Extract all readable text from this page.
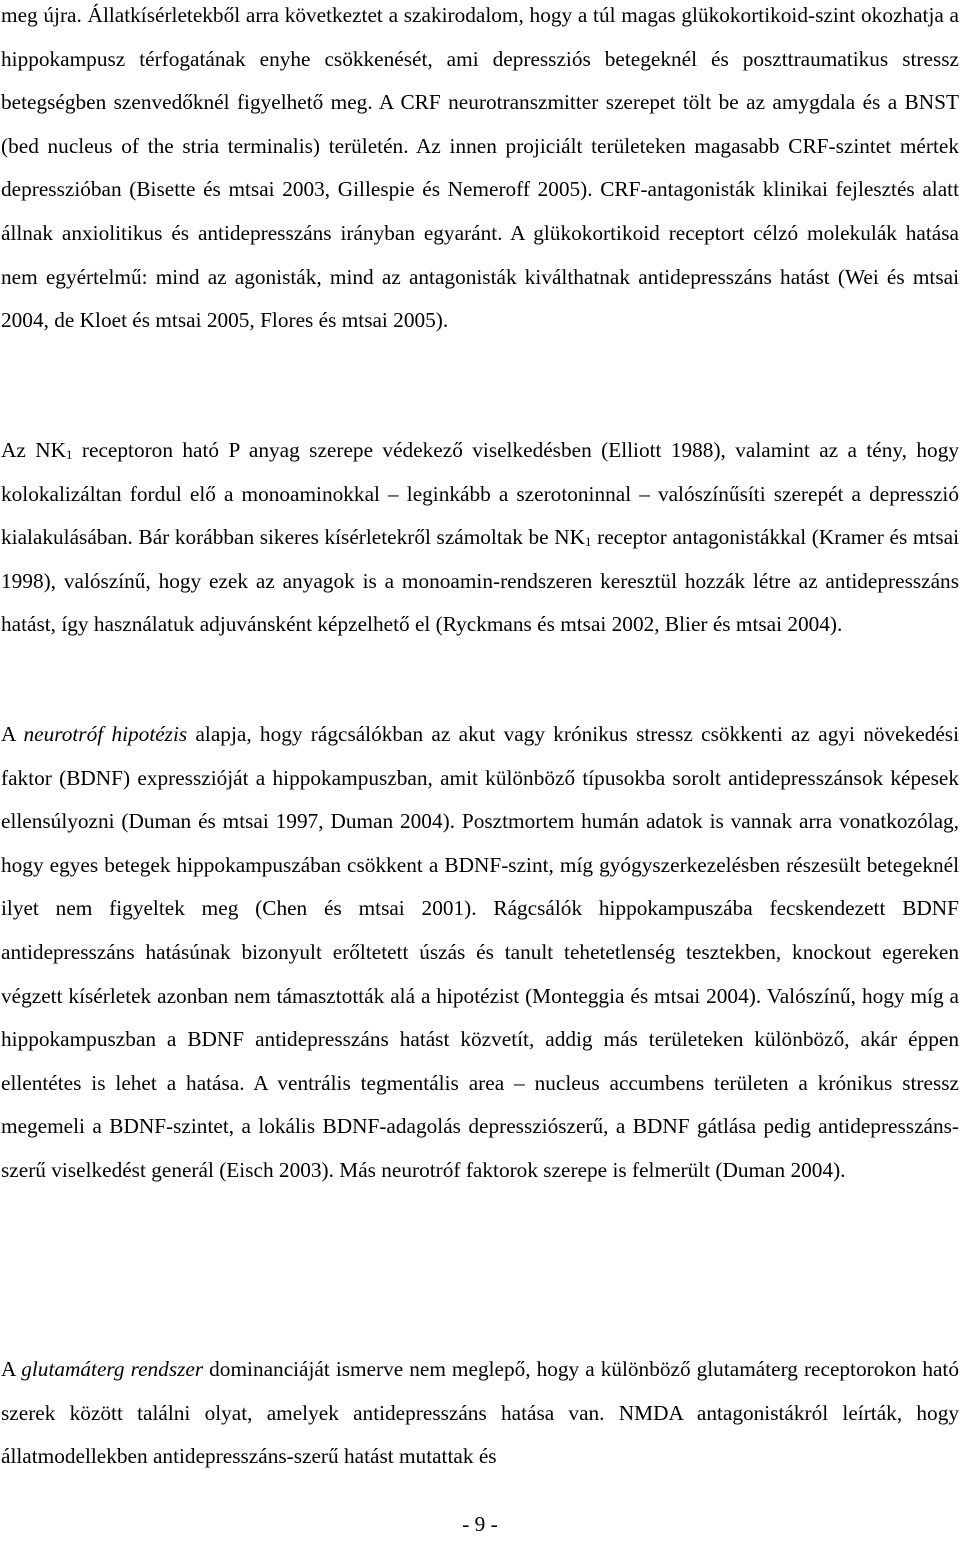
meg újra. Állatkísérletekből arra következtet a szakirodalom, hogy a túl magas glükokortikoid-szint okozhatja a hippokampusz térfogatának enyhe csökkenését, ami depressziós betegeknél és poszttraumatikus stressz betegségben szenvedőknél figyelhető meg. A CRF neurotranszmitter szerepet tölt be az amygdala és a BNST (bed nucleus of the stria terminalis) területén. Az innen projiciált területeken magasabb CRF-szintet mértek depresszióban (Bisette és mtsai 2003, Gillespie és Nemeroff 2005). CRF-antagonisták klinikai fejlesztés alatt állnak anxiolitikus és antidepresszáns irányban egyaránt. A glükokortikoid receptort célzó molekulák hatása nem egyértelmű: mind az agonisták, mind az antagonisták kiválthatnak antidepresszáns hatást (Wei és mtsai 2004, de Kloet és mtsai 2005, Flores és mtsai 2005).

Az $NK_1$ receptoron ható P anyag szerepe védekező viselkedésben (Elliott 1988), valamint az a tény, hogy kolokalizáltan fordul elő a monoaminokkal – leginkább a szerotoninnal – valószínűsíti szerepét a depresszió kialakulásában. Bár korábban sikeres kísérletekről számoltak be $NK_1$ receptor antagonistákkal (Kramer és mtsai 1998), valószínű, hogy ezek az anyagok is a monoamin-rendszeren keresztül hozzák létre az antidepresszáns hatást, így használatuk adjuvánsként képzelhető el (Ryckmans és mtsai 2002, Blier és mtsai 2004).

A neurotróf hipotézis alapja, hogy rágcsálókban az akut vagy krónikus stressz csökkenti az agyi növekedési faktor (BDNF) expresszióját a hippokampuszban, amit különböző típusokba sorolt antidepresszánsok képesek ellensúlyozni (Duman és mtsai 1997, Duman 2004). Posztmortem humán adatok is vannak arra vonatkozólag, hogy egyes betegek hippokampuszában csökkent a BDNF-szint, míg gyógyszerkezelésben részesült betegeknél ilyet nem figyeltek meg (Chen és mtsai 2001). Rágcsálók hippokampuszába fecskendezett BDNF antidepresszáns hatásúnak bizonyult erőltetett úszás és tanult tehetetlenség tesztekben, knockout egereken végzett kísérletek azonban nem támasztották alá a hipotézist (Monteggia és mtsai 2004). Valószínű, hogy míg a hippokampuszban a BDNF antidepresszáns hatást közvetít, addig más területeken különböző, akár éppen ellentétes is lehet a hatása. A ventrális tegmentális area – nucleus accumbens területen a krónikus stressz megemeli a BDNF-szintet, a lokális BDNF-adagolás depressziószerű, a BDNF gátlása pedig antidepresszáns-szerű viselkedést generál (Eisch 2003). Más neurotróf faktorok szerepe is felmerült (Duman 2004).

A glutamáterg rendszer dominanciáját ismerve nem meglepő, hogy a különböző glutamáterg receptorokon ható szerek között találni olyat, amelyek antidepresszáns hatása van. NMDA antagonistákról leírták, hogy állatmodellekben antidepresszáns-szerű hatást mutattak és

- 9 -
